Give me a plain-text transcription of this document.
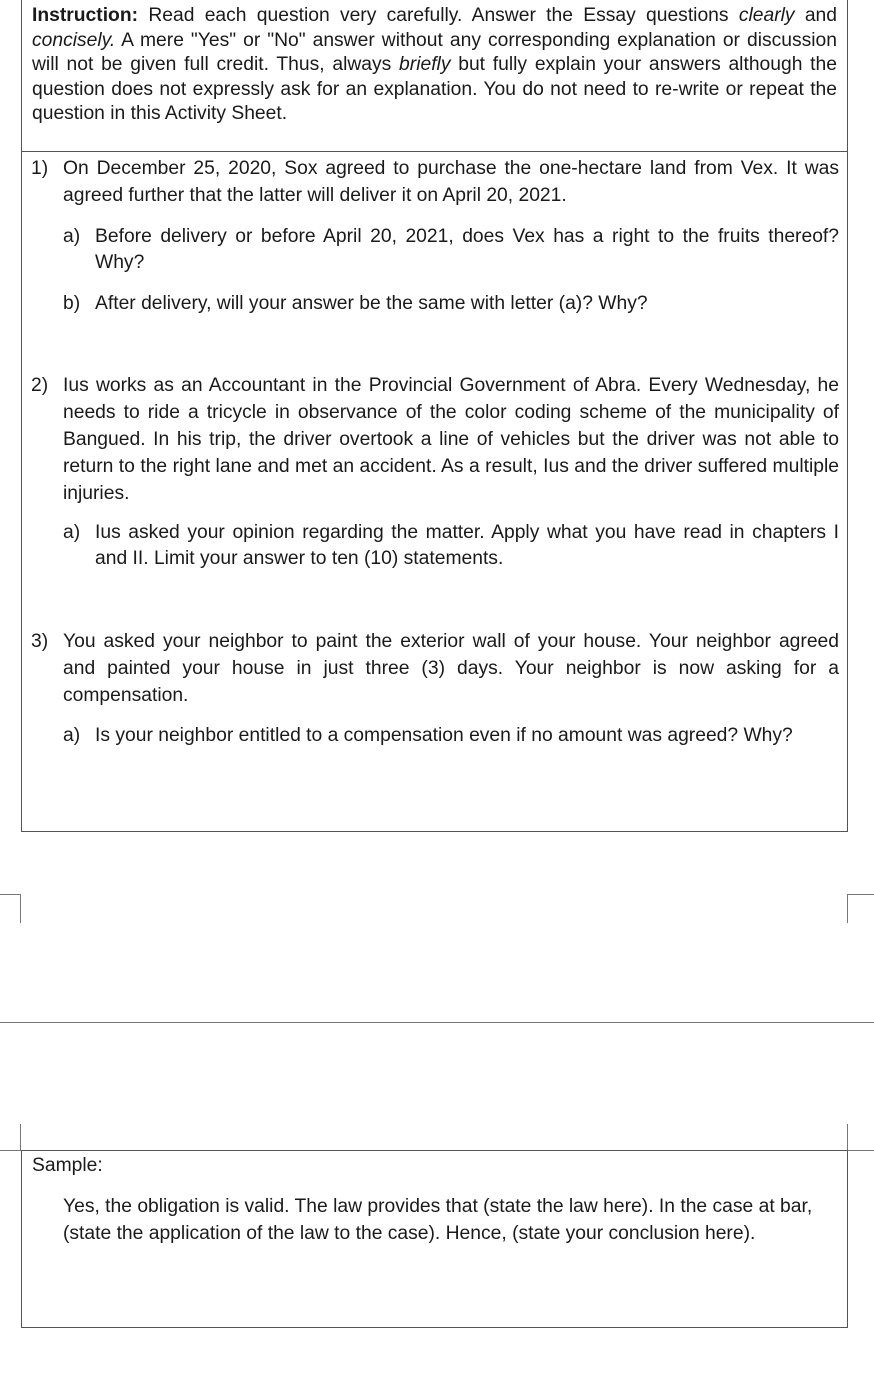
Instruction: Read each question very carefully. Answer the Essay questions clearly and concisely. A mere "Yes" or "No" answer without any corresponding explanation or discussion will not be given full credit. Thus, always briefly but fully explain your answers although the question does not expressly ask for an explanation. You do not need to re-write or repeat the question in this Activity Sheet.
1) On December 25, 2020, Sox agreed to purchase the one-hectare land from Vex. It was agreed further that the latter will deliver it on April 20, 2021.
a) Before delivery or before April 20, 2021, does Vex has a right to the fruits thereof? Why?
b) After delivery, will your answer be the same with letter (a)? Why?
2) Ius works as an Accountant in the Provincial Government of Abra. Every Wednesday, he needs to ride a tricycle in observance of the color coding scheme of the municipality of Bangued. In his trip, the driver overtook a line of vehicles but the driver was not able to return to the right lane and met an accident. As a result, Ius and the driver suffered multiple injuries.
a) Ius asked your opinion regarding the matter. Apply what you have read in chapters I and II. Limit your answer to ten (10) statements.
3) You asked your neighbor to paint the exterior wall of your house. Your neighbor agreed and painted your house in just three (3) days. Your neighbor is now asking for a compensation.
a) Is your neighbor entitled to a compensation even if no amount was agreed? Why?
Sample:
Yes, the obligation is valid. The law provides that (state the law here). In the case at bar, (state the application of the law to the case). Hence, (state your conclusion here).
